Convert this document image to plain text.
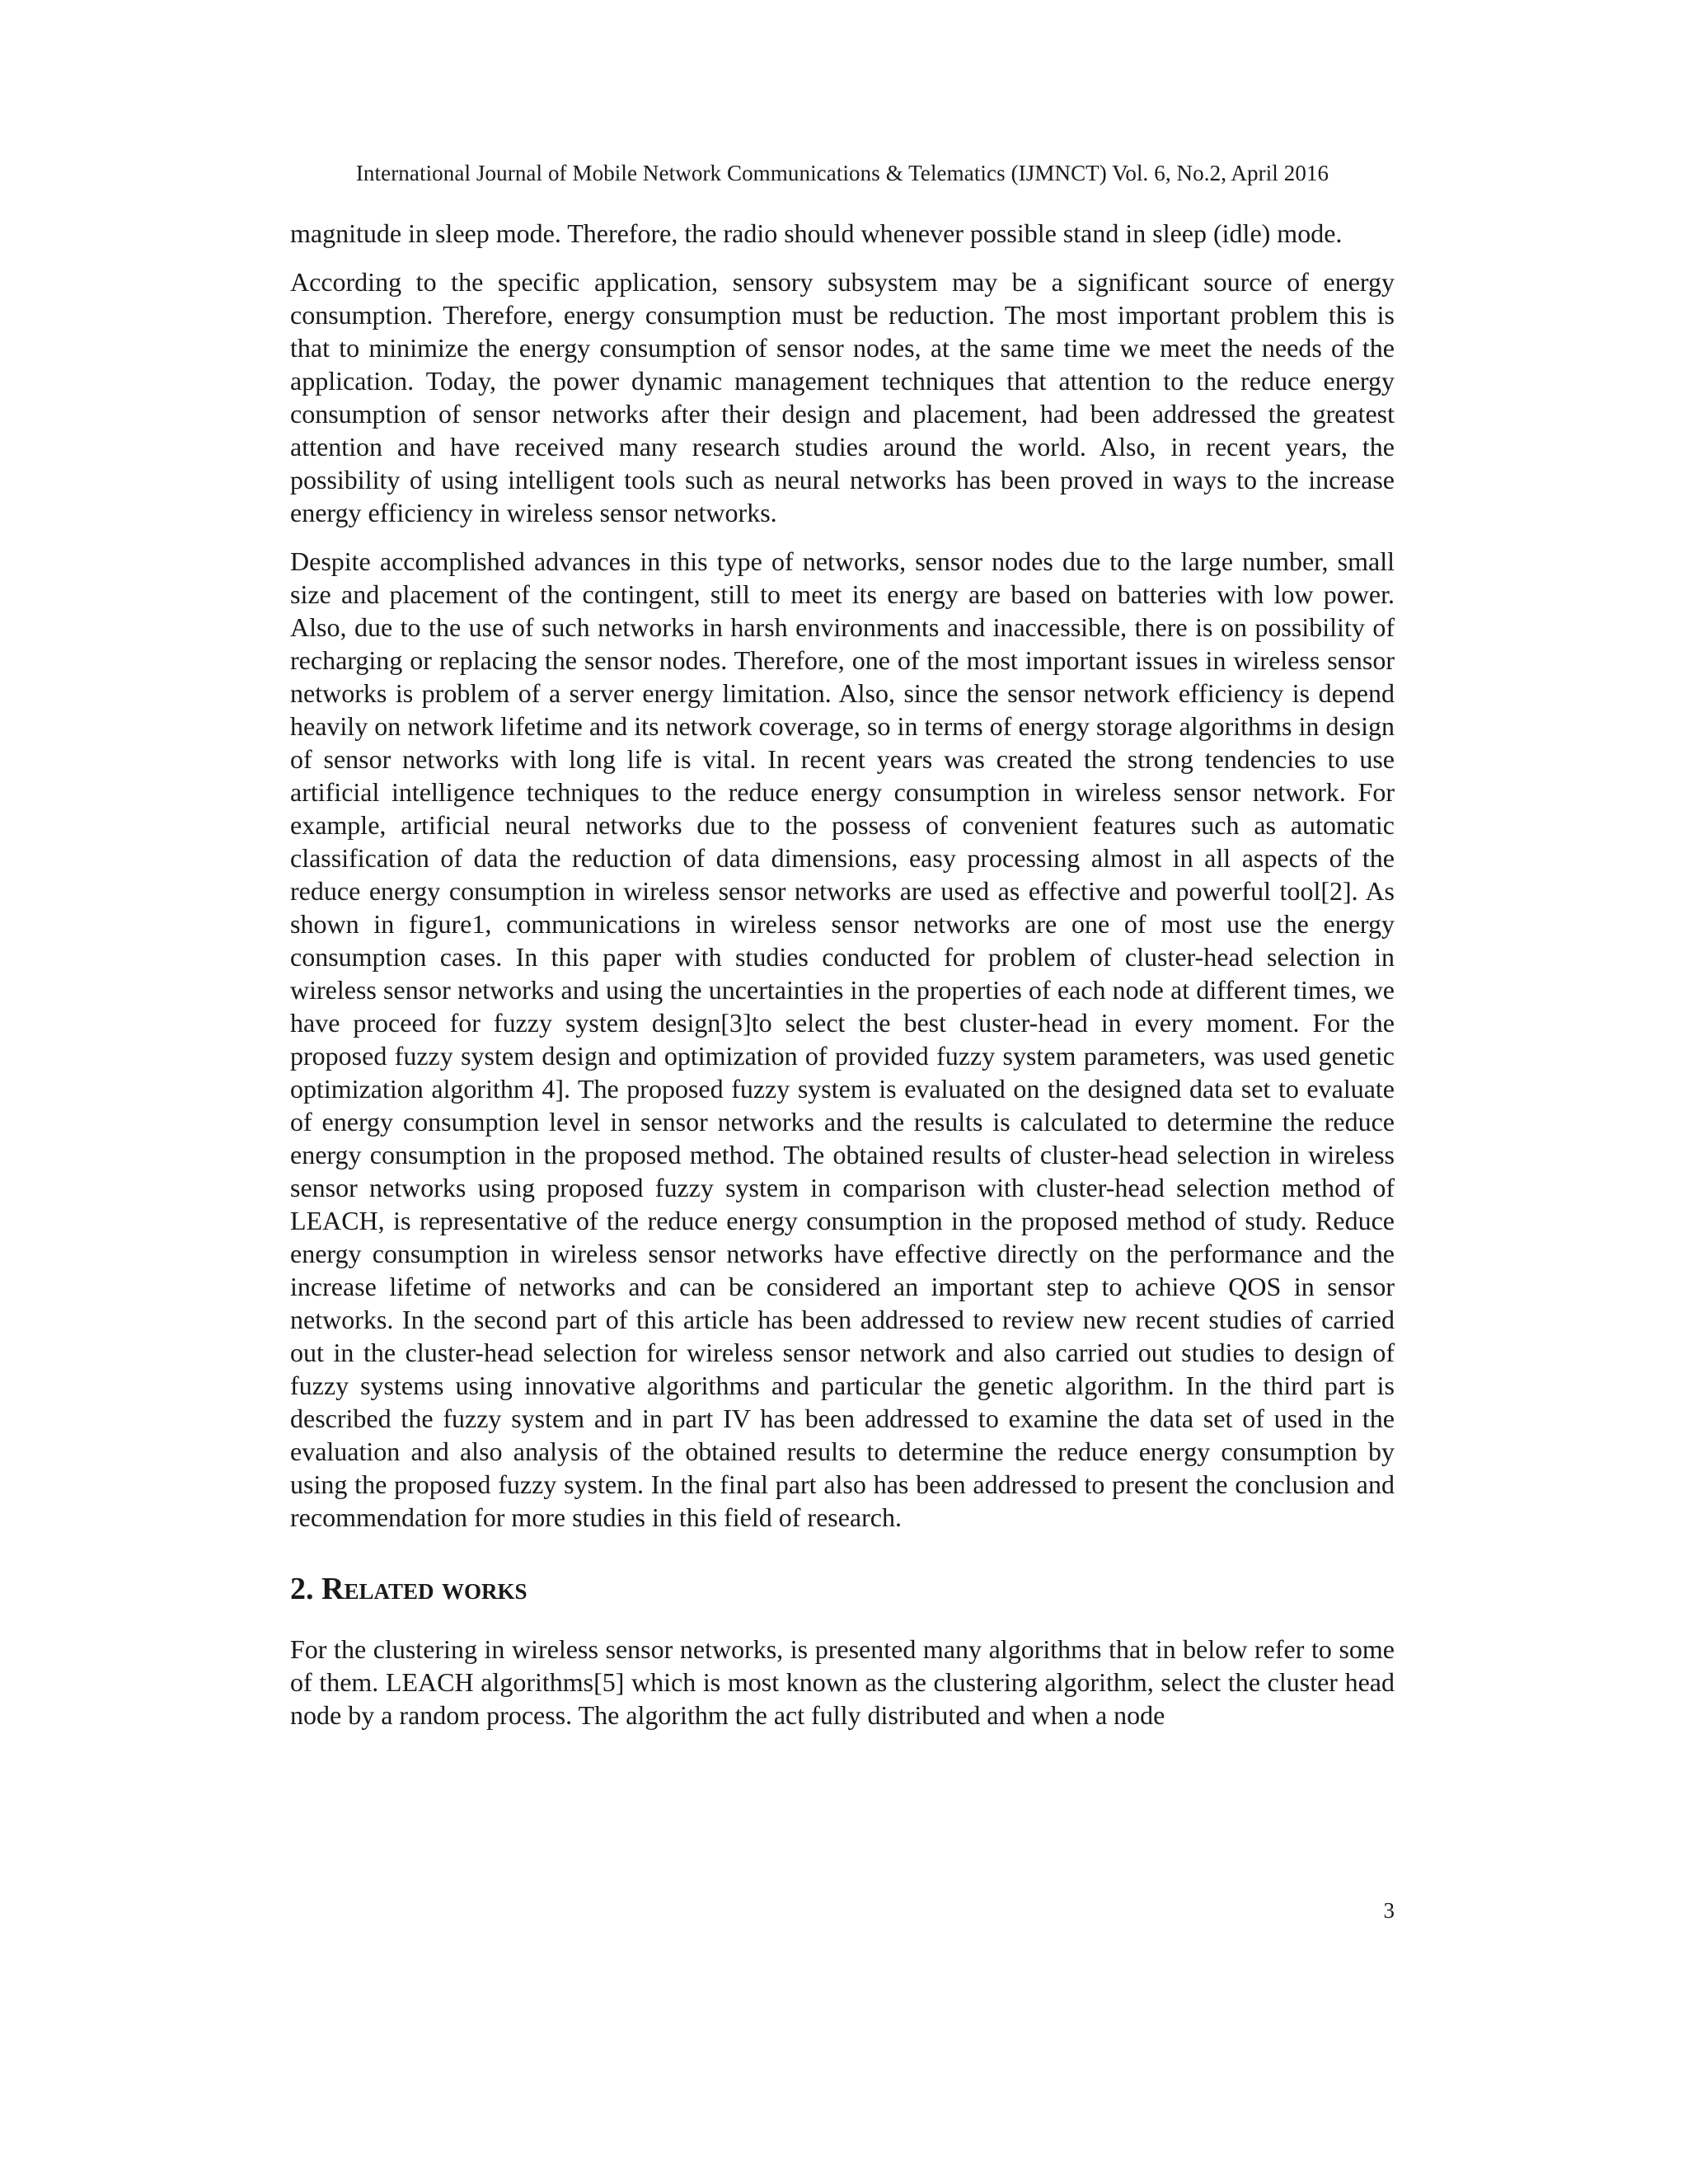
International Journal of Mobile Network Communications & Telematics (IJMNCT) Vol. 6, No.2, April 2016

magnitude in sleep mode. Therefore, the radio should whenever possible stand in sleep (idle) mode.

According to the specific application, sensory subsystem may be a significant source of energy consumption. Therefore, energy consumption must be reduction. The most important problem this is that to minimize the energy consumption of sensor nodes, at the same time we meet the needs of the application. Today, the power dynamic management techniques that attention to the reduce energy consumption of sensor networks after their design and placement, had been addressed the greatest attention and have received many research studies around the world. Also, in recent years, the possibility of using intelligent tools such as neural networks has been proved in ways to the increase energy efficiency in wireless sensor networks.

Despite accomplished advances in this type of networks, sensor nodes due to the large number, small size and placement of the contingent, still to meet its energy are based on batteries with low power. Also, due to the use of such networks in harsh environments and inaccessible, there is on possibility of recharging or replacing the sensor nodes. Therefore, one of the most important issues in wireless sensor networks is problem of a server energy limitation. Also, since the sensor network efficiency is depend heavily on network lifetime and its network coverage, so in terms of energy storage algorithms in design of sensor networks with long life is vital. In recent years was created the strong tendencies to use artificial intelligence techniques to the reduce energy consumption in wireless sensor network. For example, artificial neural networks due to the possess of convenient features such as automatic classification of data the reduction of data dimensions, easy processing almost in all aspects of the reduce energy consumption in wireless sensor networks are used as effective and powerful tool[2]. As shown in figure1, communications in wireless sensor networks are one of most use the energy consumption cases. In this paper with studies conducted for problem of cluster-head selection in wireless sensor networks and using the uncertainties in the properties of each node at different times, we have proceed for fuzzy system design[3]to select the best cluster-head in every moment. For the proposed fuzzy system design and optimization of provided fuzzy system parameters, was used genetic optimization algorithm 4]. The proposed fuzzy system is evaluated on the designed data set to evaluate of energy consumption level in sensor networks and the results is calculated to determine the reduce energy consumption in the proposed method. The obtained results of cluster-head selection in wireless sensor networks using proposed fuzzy system in comparison with cluster-head selection method of LEACH, is representative of the reduce energy consumption in the proposed method of study. Reduce energy consumption in wireless sensor networks have effective directly on the performance and the increase lifetime of networks and can be considered an important step to achieve QOS in sensor networks. In the second part of this article has been addressed to review new recent studies of carried out in the cluster-head selection for wireless sensor network and also carried out studies to design of fuzzy systems using innovative algorithms and particular the genetic algorithm. In the third part is described the fuzzy system and in part IV has been addressed to examine the data set of used in the evaluation and also analysis of the obtained results to determine the reduce energy consumption by using the proposed fuzzy system. In the final part also has been addressed to present the conclusion and recommendation for more studies in this field of research.

2. Related works

For the clustering in wireless sensor networks, is presented many algorithms that in below refer to some of them. LEACH algorithms[5] which is most known as the clustering algorithm, select the cluster head node by a random process. The algorithm the act fully distributed and when a node

3
